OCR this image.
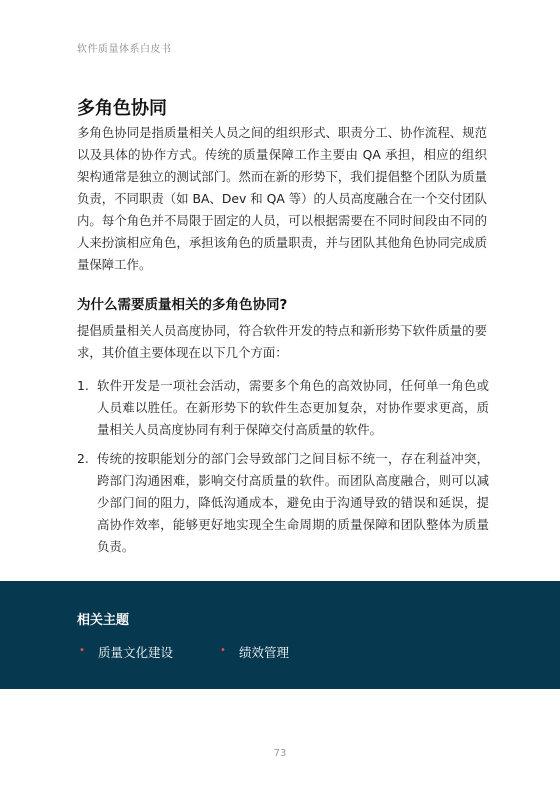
软件质量体系白皮书
多角色协同

多角色协同是指质量相关人员之间的组织形式、职责分工、协作流程、规范以及具体的协作方式。传统的质量保障工作主要由 QA 承担，相应的组织架构通常是独立的测试部门。然而在新的形势下，我们提倡整个团队为质量负责，不同职责（如 BA、Dev 和 QA 等）的人员高度融合在一个交付团队内。每个角色并不局限于固定的人员，可以根据需要在不同时间段由不同的人来扮演相应角色，承担该角色的质量职责，并与团队其他角色协同完成质量保障工作。

为什么需要质量相关的多角色协同?

提倡质量相关人员高度协同，符合软件开发的特点和新形势下软件质量的要求，其价值主要体现在以下几个方面：

1. 软件开发是一项社会活动，需要多个角色的高效协同，任何单一角色或人员难以胜任。在新形势下的软件生态更加复杂，对协作要求更高，质量相关人员高度协同有利于保障交付高质量的软件。

2. 传统的按职能划分的部门会导致部门之间目标不统一，存在利益冲突，跨部门沟通困难，影响交付高质量的软件。而团队高度融合，则可以减少部门间的阻力，降低沟通成本，避免由于沟通导致的错误和延误，提高协作效率，能够更好地实现全生命周期的质量保障和团队整体为质量负责。

相关主题
• 质量文化建设	• 绩效管理
73
